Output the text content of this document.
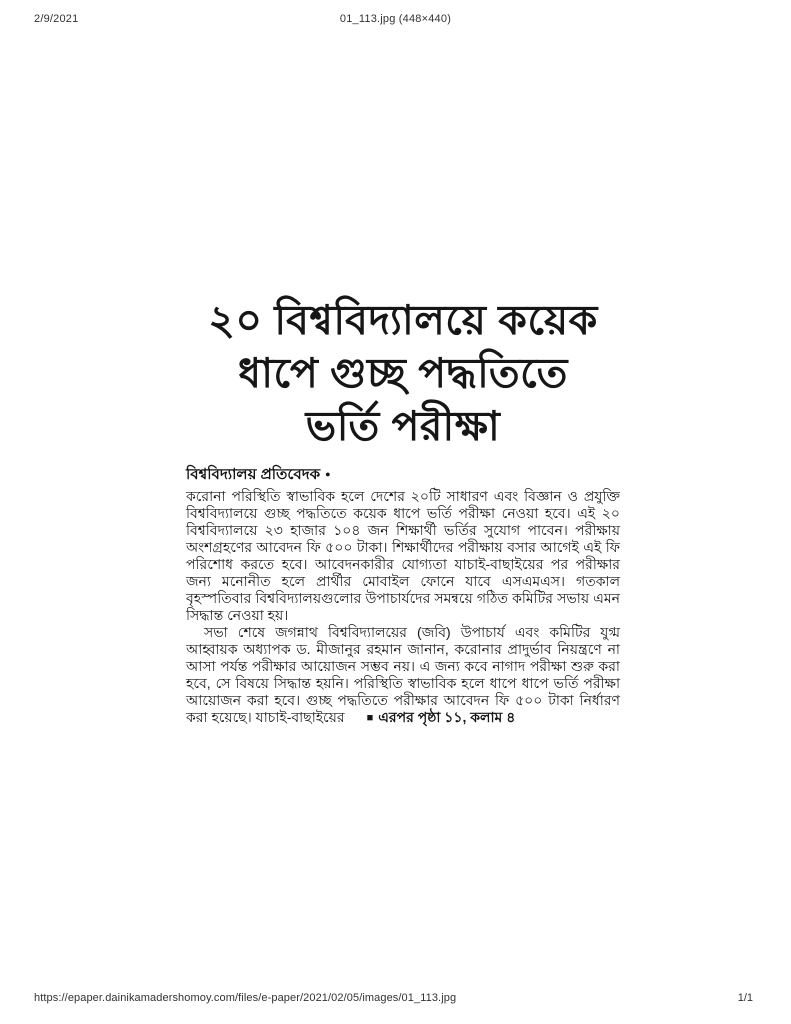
2/9/2021	01_113.jpg (448×440)
২০ বিশ্ববিদ্যালয়ে কয়েক
ধাপে গুচ্ছ পদ্ধতিতে
ভর্তি পরীক্ষা
বিশ্ববিদ্যালয় প্রতিবেদক ●

করোনা পরিস্থিতি স্বাভাবিক হলে দেশের ২০টি সাধারণ এবং বিজ্ঞান ও প্রযুক্তি বিশ্ববিদ্যালয়ে গুচ্ছ পদ্ধতিতে কয়েক ধাপে ভর্তি পরীক্ষা নেওয়া হবে। এই ২০ বিশ্ববিদ্যালয়ে ২৩ হাজার ১০৪ জন শিক্ষার্থী ভর্তির সুযোগ পাবেন। পরীক্ষায় অংশগ্রহণের আবেদন ফি ৫০০ টাকা। শিক্ষার্থীদের পরীক্ষায় বসার আগেই এই ফি পরিশোধ করতে হবে। আবেদনকারীর যোগ্যতা যাচাই-বাছাইয়ের পর পরীক্ষার জন্য মনোনীত হলে প্রার্থীর মোবাইল ফোনে যাবে এসএমএস। গতকাল বৃহস্পতিবার বিশ্ববিদ্যালয়গুলোর উপাচার্যদের সমন্বয়ে গঠিত কমিটির সভায় এমন সিদ্ধান্ত নেওয়া হয়।

সভা শেষে জগন্নাথ বিশ্ববিদ্যালয়ের (জবি) উপাচার্য এবং কমিটির যুগ্ম আহ্বায়ক অধ্যাপক ড. মীজানুর রহমান জানান, করোনার প্রাদুর্ভাব নিয়ন্ত্রণে না আসা পর্যন্ত পরীক্ষার আয়োজন সম্ভব নয়। এ জন্য কবে নাগাদ পরীক্ষা শুরু করা হবে, সে বিষয়ে সিদ্ধান্ত হয়নি। পরিস্থিতি স্বাভাবিক হলে ধাপে ধাপে ভর্তি পরীক্ষা আয়োজন করা হবে। গুচ্ছ পদ্ধতিতে পরীক্ষার আবেদন ফি ৫০০ টাকা নির্ধারণ করা হয়েছে। যাচাই-বাছাইয়ের ■ এরপর পৃষ্ঠা ১১, কলাম ৪

https://epaper.dainikamadershomoy.com/files/e-paper/2021/02/05/images/01_113.jpg	1/1
